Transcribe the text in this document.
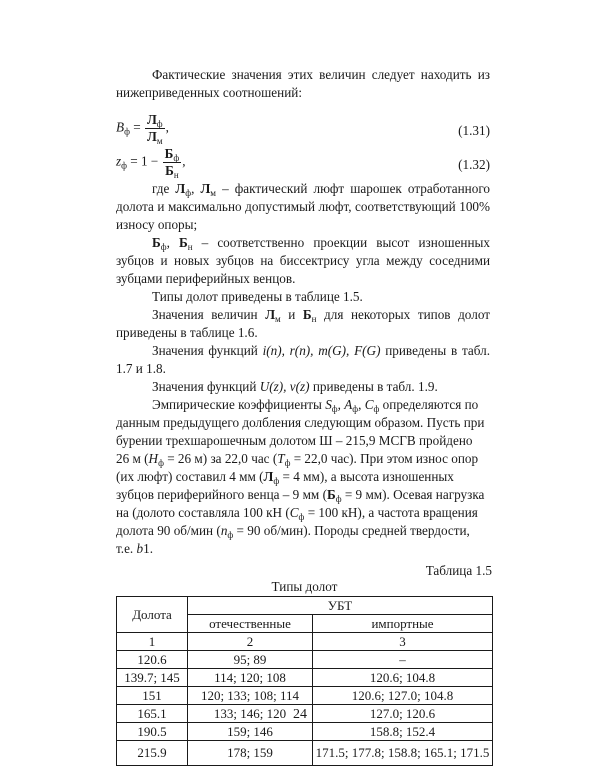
Фактические значения этих величин следует находить из нижеприведенных соотношений:

$B_ф = \frac{Л_ф}{Л_м}$ ,	(1.31)
$z_ф = 1 - \frac{Б_ф}{Б_н}$ ,	(1.32)

где $Л_ф$, $Л_м$ – фактический люфт шарошек отработанного долота и максимально допустимый люфт, соответствующий 100% износу опоры;

$Б_ф$, $Б_н$ – соответственно проекции высот изношенных зубцов и новых зубцов на биссектрису угла между соседними зубцами периферийных венцов.

Типы долот приведены в таблице 1.5.

Значения величин $Л_м$ и $Б_н$ для некоторых типов долот приведены в таблице 1.6.

Значения функций i(n), r(n), m(G), F(G) приведены в табл. 1.7 и 1.8.

Значения функций U(z), v(z) приведены в табл. 1.9.

Эмпирические коэффициенты $S_ф$, $A_ф$, $C_ф$ определяются по
данным предыдущего долбления следующим образом. Пусть при
бурении трехшарошечным долотом Ш – 215,9 МСГВ пройдено
26 м ($H_ф = 26$ м) за 22,0 час ($T_ф = 22,0$ час). При этом износ опор
(их люфт) составил 4 мм ($Л_ф = 4$ мм), а высота изношенных
зубцов периферийного венца – 9 мм ($Б_ф = 9$ мм). Осевая нагрузка
на (долото составляла 100 кН ($C_ф = 100$ кН), а частота вращения
долота 90 об/мин ($n_ф = 90$ об/мин). Породы средней твердости,
т.е. b1.
Таблица 1.5
Типы долот
Долота	УБТ	
	отечественные	импортные
1	2	3
120.6	95; 89	–
139.7; 145	114; 120; 108	120.6; 104.8
151	120; 133; 108; 114	120.6; 127.0; 104.8
165.1	133; 146; 120	127.0; 120.6
190.5	159; 146	158.8; 152.4
215.9	178; 159	171.5; 177.8; 158.8; 165.1; 171.5
24
